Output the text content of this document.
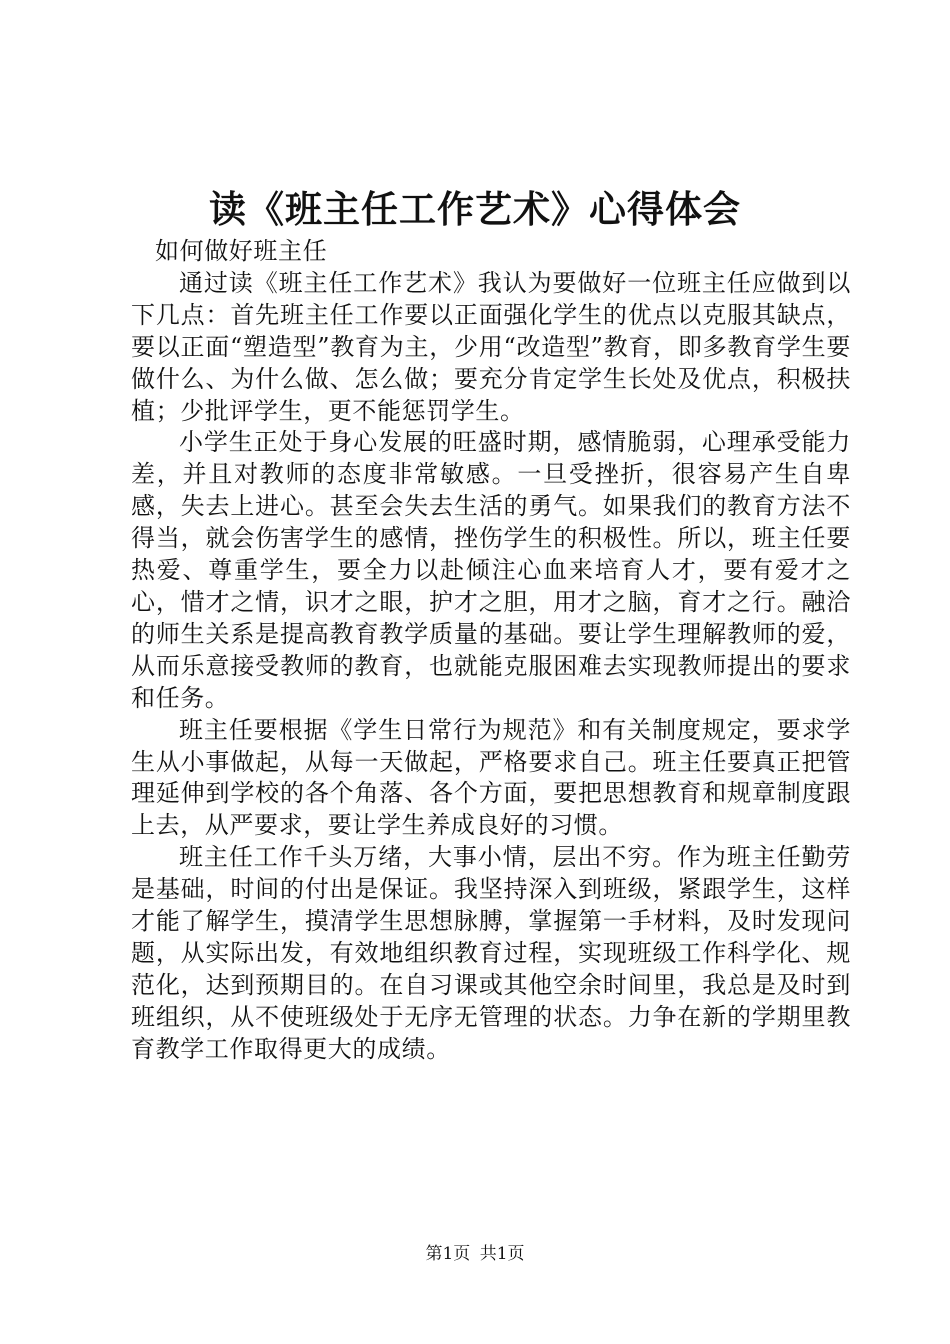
读《班主任工作艺术》心得体会

如何做好班主任

通过读《班主任工作艺术》我认为要做好一位班主任应做到以下几点：首先班主任工作要以正面强化学生的优点以克服其缺点，要以正面“塑造型”教育为主，少用“改造型”教育，即多教育学生要做什么、为什么做、怎么做；要充分肯定学生长处及优点，积极扶植；少批评学生，更不能惩罚学生。

小学生正处于身心发展的旺盛时期，感情脆弱，心理承受能力差，并且对教师的态度非常敏感。一旦受挫折，很容易产生自卑感，失去上进心。甚至会失去生活的勇气。如果我们的教育方法不得当，就会伤害学生的感情，挫伤学生的积极性。所以，班主任要热爱、尊重学生，要全力以赴倾注心血来培育人才，要有爱才之心，惜才之情，识才之眼，护才之胆，用才之脑，育才之行。融洽的师生关系是提高教育教学质量的基础。要让学生理解教师的爱，从而乐意接受教师的教育，也就能克服困难去实现教师提出的要求和任务。

班主任要根据《学生日常行为规范》和有关制度规定，要求学生从小事做起，从每一天做起，严格要求自己。班主任要真正把管理延伸到学校的各个角落、各个方面，要把思想教育和规章制度跟上去，从严要求，要让学生养成良好的习惯。

班主任工作千头万绪，大事小情，层出不穷。作为班主任勤劳是基础，时间的付出是保证。我坚持深入到班级，紧跟学生，这样才能了解学生，摸清学生思想脉膊，掌握第一手材料，及时发现问题，从实际出发，有效地组织教育过程，实现班级工作科学化、规范化，达到预期目的。在自习课或其他空余时间里，我总是及时到班组织，从不使班级处于无序无管理的状态。力争在新的学期里教育教学工作取得更大的成绩。

第1页 共1页
